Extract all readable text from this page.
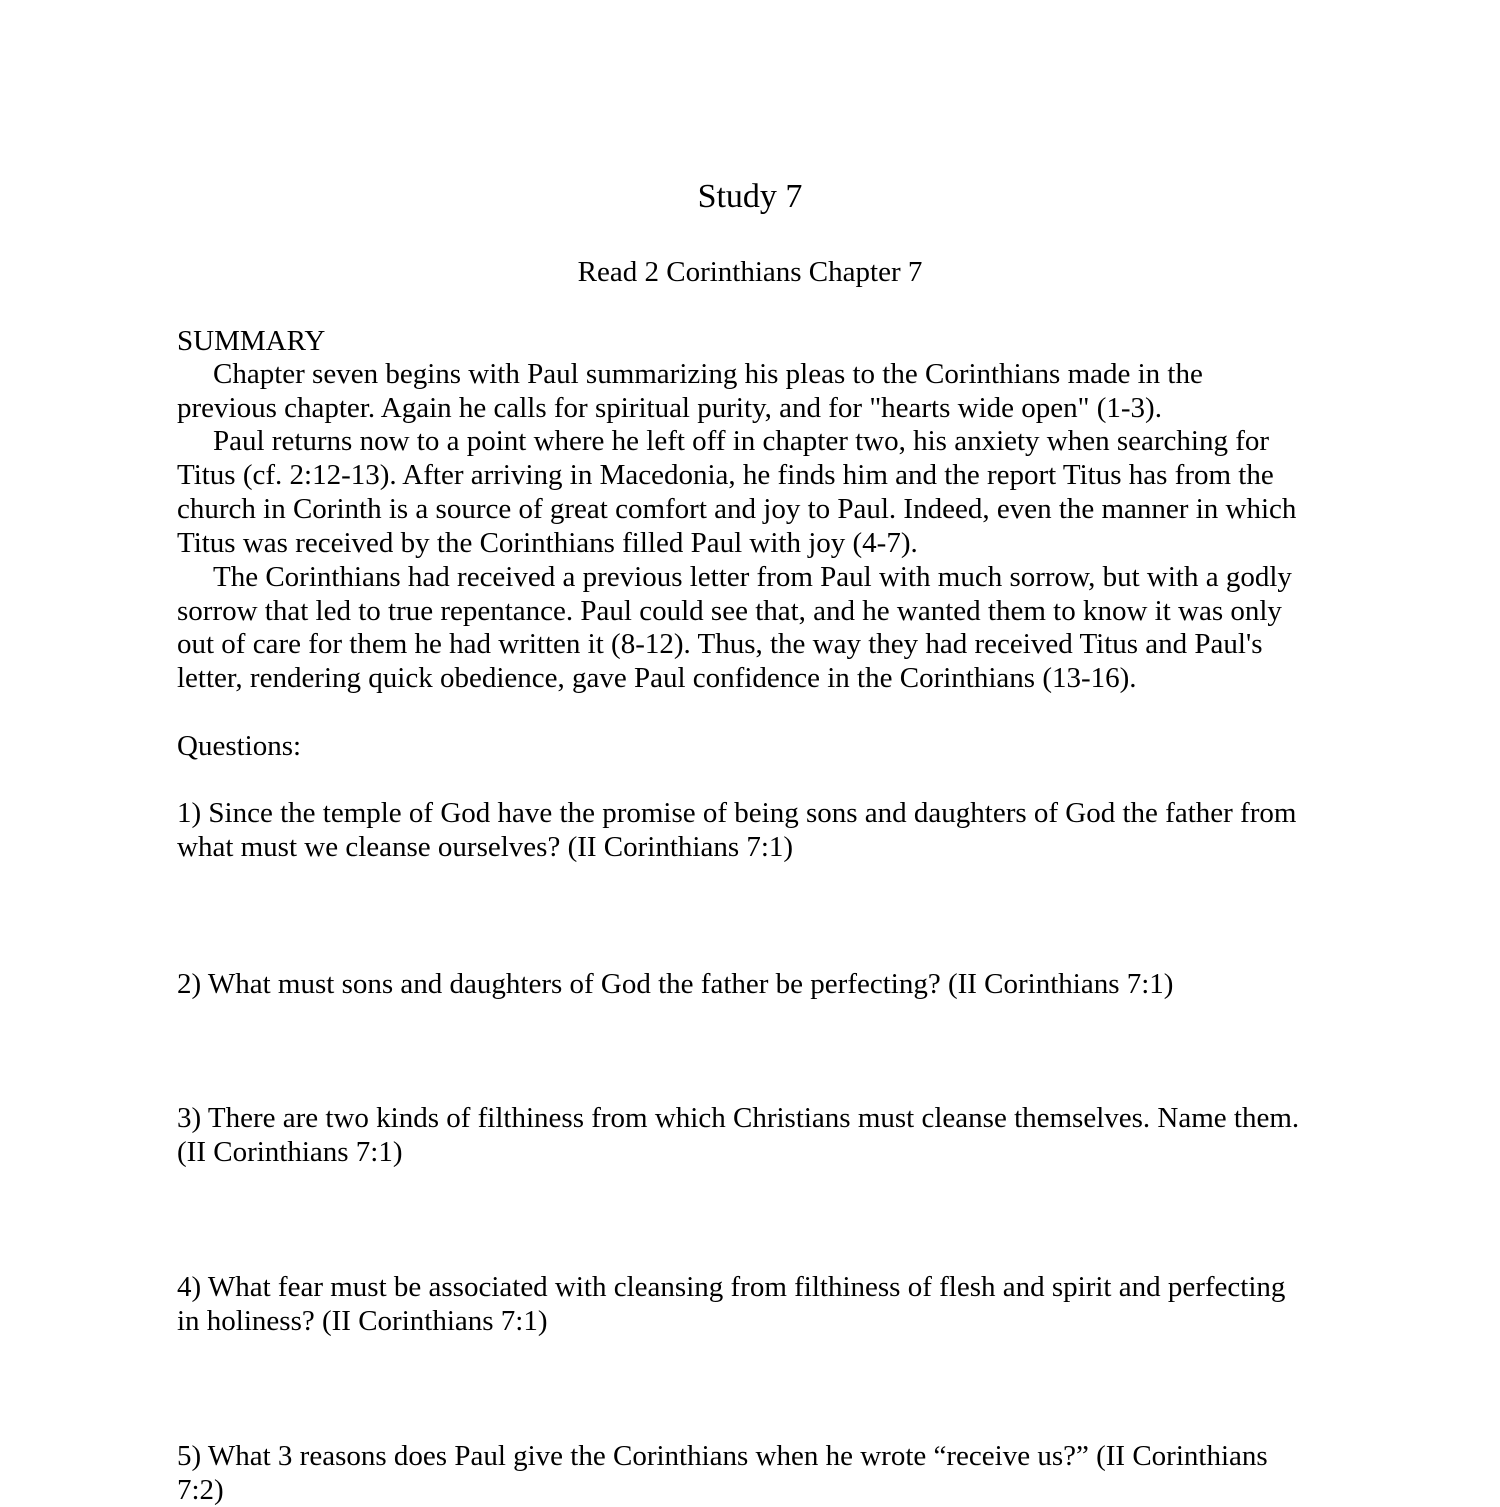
Study 7
Read 2 Corinthians Chapter 7
SUMMARY
Chapter seven begins with Paul summarizing his pleas to the Corinthians made in the
previous chapter. Again he calls for spiritual purity, and for "hearts wide open" (1-3).
Paul returns now to a point where he left off in chapter two, his anxiety when searching for
Titus (cf. 2:12-13). After arriving in Macedonia, he finds him and the report Titus has from the
church in Corinth is a source of great comfort and joy to Paul. Indeed, even the manner in which
Titus was received by the Corinthians filled Paul with joy (4-7).
The Corinthians had received a previous letter from Paul with much sorrow, but with a godly
sorrow that led to true repentance. Paul could see that, and he wanted them to know it was only
out of care for them he had written it (8-12). Thus, the way they had received Titus and Paul's
letter, rendering quick obedience, gave Paul confidence in the Corinthians (13-16).
Questions:
1) Since the temple of God have the promise of being sons and daughters of God the father from
what must we cleanse ourselves? (II Corinthians 7:1)
2) What must sons and daughters of God the father be perfecting? (II Corinthians 7:1)
3) There are two kinds of filthiness from which Christians must cleanse themselves. Name them.
(II Corinthians 7:1)
4) What fear must be associated with cleansing from filthiness of flesh and spirit and perfecting
in holiness? (II Corinthians 7:1)
5) What 3 reasons does Paul give the Corinthians when he wrote “receive us?” (II Corinthians
7:2)
